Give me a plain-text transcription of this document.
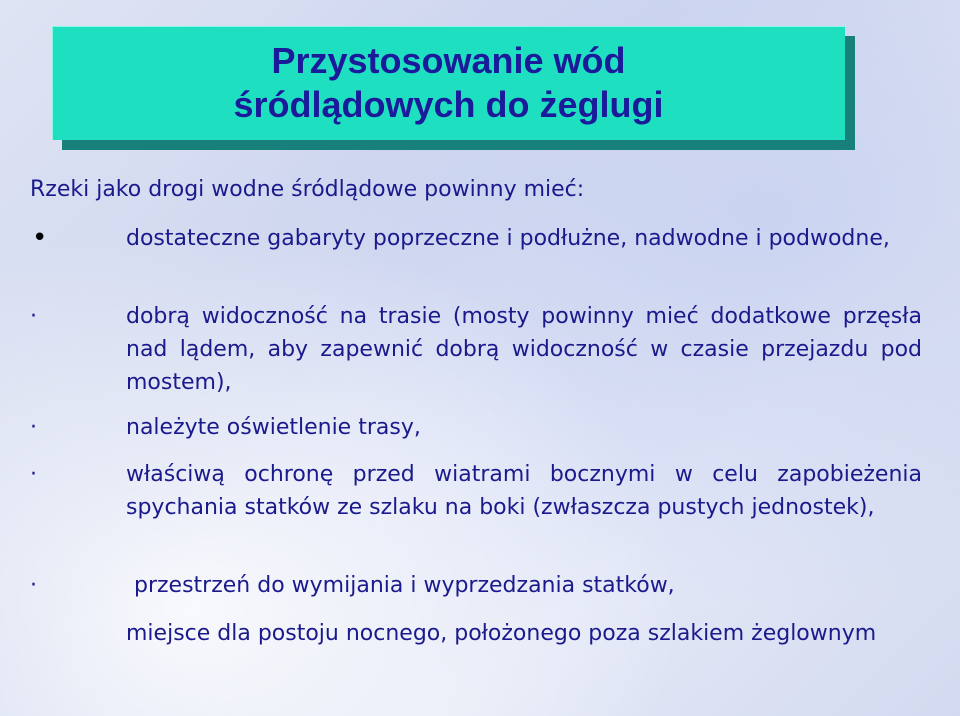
Przystosowanie wód
śródlądowych do żeglugi
Rzeki jako drogi wodne śródlądowe powinny mieć:
•	dostateczne gabaryty poprzeczne i podłużne, nadwodne i podwodne,
·	dobrą widoczność na trasie (mosty powinny mieć dodatkowe przęsła nad lądem, aby zapewnić dobrą widoczność w czasie przejazdu pod mostem),
·	należyte oświetlenie trasy,
·	właściwą ochronę przed wiatrami bocznymi w celu zapobieżenia spychania statków ze szlaku na boki (zwłaszcza pustych jednostek),
·	przestrzeń do wymijania i wyprzedzania statków,
miejsce dla postoju nocnego, położonego poza szlakiem żeglownym
